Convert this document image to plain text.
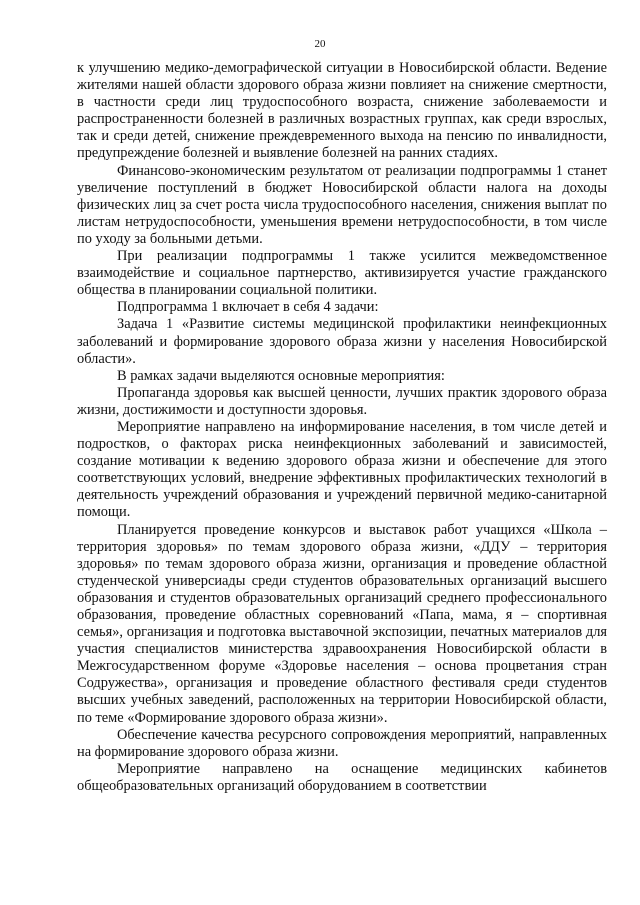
20

к улучшению медико-демографической ситуации в Новосибирской области. Ведение жителями нашей области здорового образа жизни повлияет на снижение смертности, в частности среди лиц трудоспособного возраста, снижение заболеваемости и распространенности болезней в различных возрастных группах, как среди взрослых, так и среди детей, снижение преждевременного выхода на пенсию по инвалидности, предупреждение болезней и выявление болезней на ранних стадиях.

Финансово-экономическим результатом от реализации подпрограммы 1 станет увеличение поступлений в бюджет Новосибирской области налога на доходы физических лиц за счет роста числа трудоспособного населения, снижения выплат по листам нетрудоспособности, уменьшения времени нетрудоспособности, в том числе по уходу за больными детьми.

При реализации подпрограммы 1 также усилится межведомственное взаимодействие и социальное партнерство, активизируется участие гражданского общества в планировании социальной политики.

Подпрограмма 1 включает в себя 4 задачи:

Задача 1 «Развитие системы медицинской профилактики неинфекционных заболеваний и формирование здорового образа жизни у населения Новосибирской области».

В рамках задачи выделяются основные мероприятия:

Пропаганда здоровья как высшей ценности, лучших практик здорового образа жизни, достижимости и доступности здоровья.

Мероприятие направлено на информирование населения, в том числе детей и подростков, о факторах риска неинфекционных заболеваний и зависимостей, создание мотивации к ведению здорового образа жизни и обеспечение для этого соответствующих условий, внедрение эффективных профилактических технологий в деятельность учреждений образования и учреждений первичной медико-санитарной помощи.

Планируется проведение конкурсов и выставок работ учащихся «Школа – территория здоровья» по темам здорового образа жизни, «ДДУ – территория здоровья» по темам здорового образа жизни, организация и проведение областной студенческой универсиады среди студентов образовательных организаций высшего образования и студентов образовательных организаций среднего профессионального образования, проведение областных соревнований «Папа, мама, я – спортивная семья», организация и подготовка выставочной экспозиции, печатных материалов для участия специалистов министерства здравоохранения Новосибирской области в Межгосударственном форуме «Здоровье населения – основа процветания стран Содружества», организация и проведение областного фестиваля среди студентов высших учебных заведений, расположенных на территории Новосибирской области, по теме «Формирование здорового образа жизни».

Обеспечение качества ресурсного сопровождения мероприятий, направленных на формирование здорового образа жизни.

Мероприятие направлено на оснащение медицинских кабинетов общеобразовательных организаций оборудованием в соответствии
